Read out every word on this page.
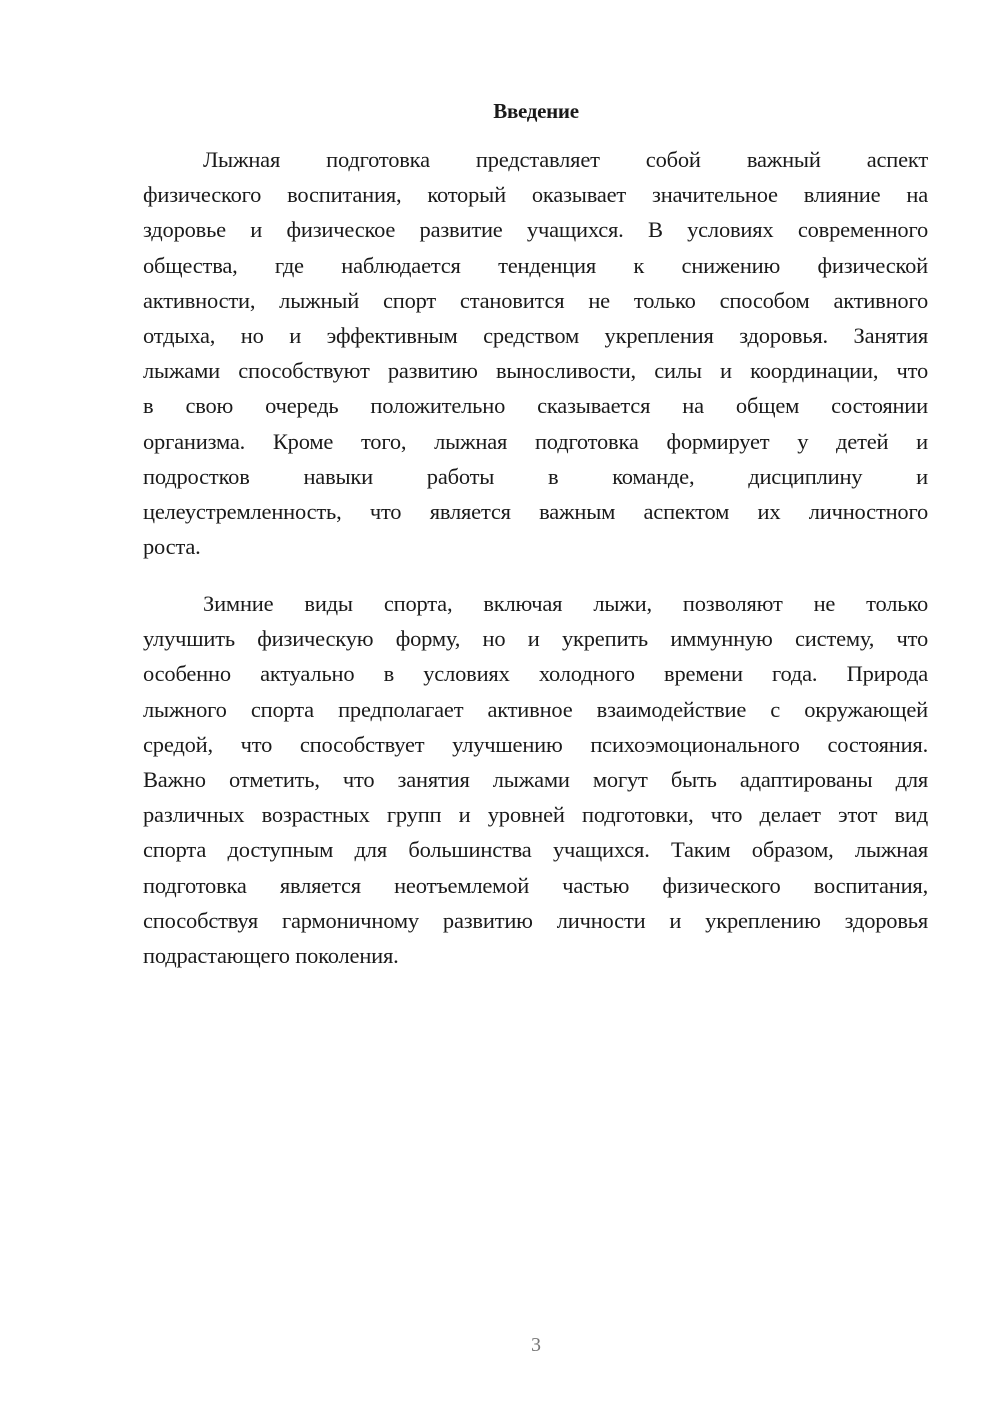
Введение
Лыжная подготовка представляет собой важный аспект
физического воспитания, который оказывает значительное влияние на
здоровье и физическое развитие учащихся. В условиях современного
общества, где наблюдается тенденция к снижению физической
активности, лыжный спорт становится не только способом активного
отдыха, но и эффективным средством укрепления здоровья. Занятия
лыжами способствуют развитию выносливости, силы и координации, что
в свою очередь положительно сказывается на общем состоянии
организма. Кроме того, лыжная подготовка формирует у детей и
подростков навыки работы в команде, дисциплину и
целеустремленность, что является важным аспектом их личностного
роста.
Зимние виды спорта, включая лыжи, позволяют не только
улучшить физическую форму, но и укрепить иммунную систему, что
особенно актуально в условиях холодного времени года. Природа
лыжного спорта предполагает активное взаимодействие с окружающей
средой, что способствует улучшению психоэмоционального состояния.
Важно отметить, что занятия лыжами могут быть адаптированы для
различных возрастных групп и уровней подготовки, что делает этот вид
спорта доступным для большинства учащихся. Таким образом, лыжная
подготовка является неотъемлемой частью физического воспитания,
способствуя гармоничному развитию личности и укреплению здоровья
подрастающего поколения.
3
